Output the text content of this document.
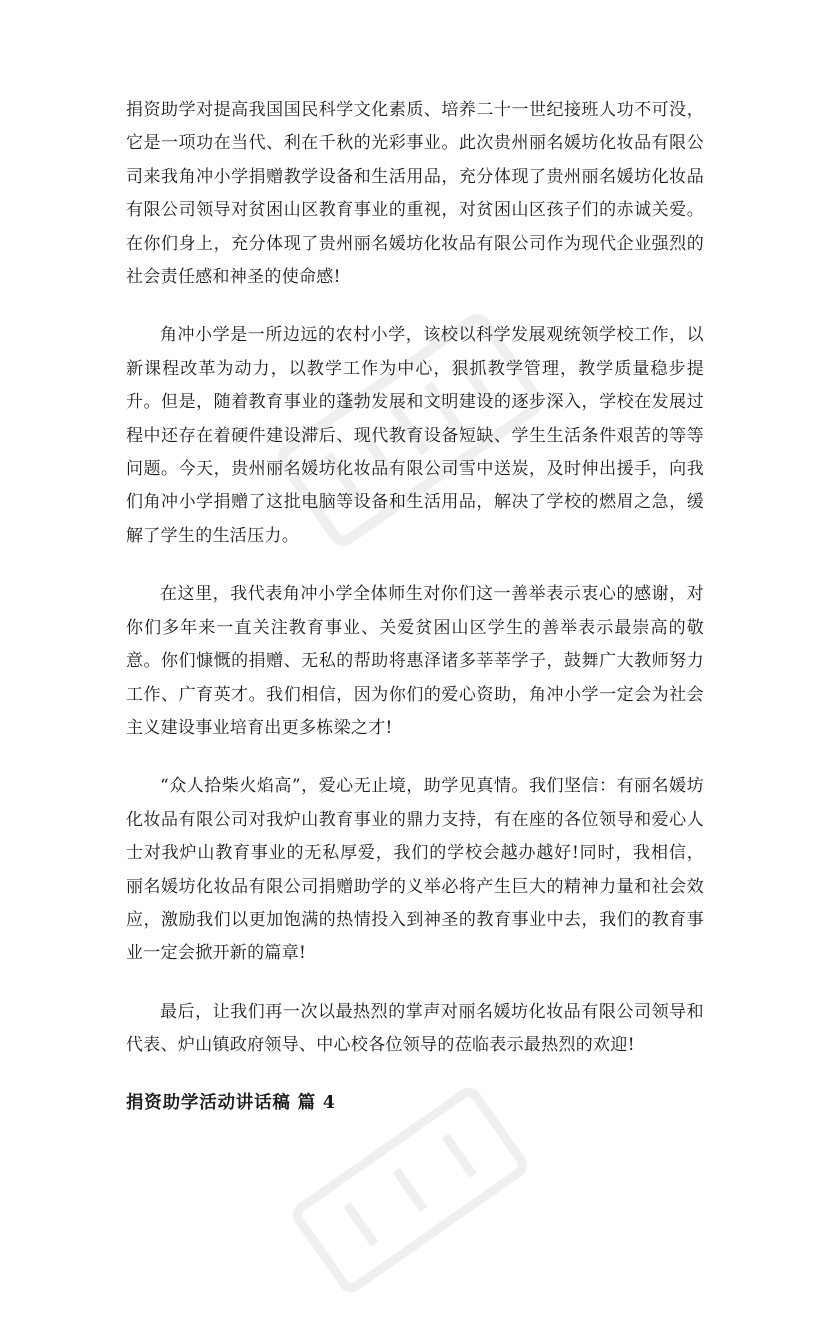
捐资助学对提高我国国民科学文化素质、培养二十一世纪接班人功不可没，它是一项功在当代、利在千秋的光彩事业。此次贵州丽名媛坊化妆品有限公司来我角冲小学捐赠教学设备和生活用品，充分体现了贵州丽名媛坊化妆品有限公司领导对贫困山区教育事业的重视，对贫困山区孩子们的赤诚关爱。在你们身上，充分体现了贵州丽名媛坊化妆品有限公司作为现代企业强烈的社会责任感和神圣的使命感!

角冲小学是一所边远的农村小学，该校以科学发展观统领学校工作，以新课程改革为动力，以教学工作为中心，狠抓教学管理，教学质量稳步提升。但是，随着教育事业的蓬勃发展和文明建设的逐步深入，学校在发展过程中还存在着硬件建设滞后、现代教育设备短缺、学生生活条件艰苦的等等问题。今天，贵州丽名媛坊化妆品有限公司雪中送炭，及时伸出援手，向我们角冲小学捐赠了这批电脑等设备和生活用品，解决了学校的燃眉之急，缓解了学生的生活压力。

在这里，我代表角冲小学全体师生对你们这一善举表示衷心的感谢，对你们多年来一直关注教育事业、关爱贫困山区学生的善举表示最崇高的敬意。你们慷慨的捐赠、无私的帮助将惠泽诸多莘莘学子，鼓舞广大教师努力工作、广育英才。我们相信，因为你们的爱心资助，角冲小学一定会为社会主义建设事业培育出更多栋梁之才!

“众人拾柴火焰高”，爱心无止境，助学见真情。我们坚信：有丽名媛坊化妆品有限公司对我炉山教育事业的鼎力支持，有在座的各位领导和爱心人士对我炉山教育事业的无私厚爱，我们的学校会越办越好!同时，我相信，丽名媛坊化妆品有限公司捐赠助学的义举必将产生巨大的精神力量和社会效应，激励我们以更加饱满的热情投入到神圣的教育事业中去，我们的教育事业一定会掀开新的篇章!

最后，让我们再一次以最热烈的掌声对丽名媛坊化妆品有限公司领导和代表、炉山镇政府领导、中心校各位领导的莅临表示最热烈的欢迎!

捐资助学活动讲话稿 篇 4
